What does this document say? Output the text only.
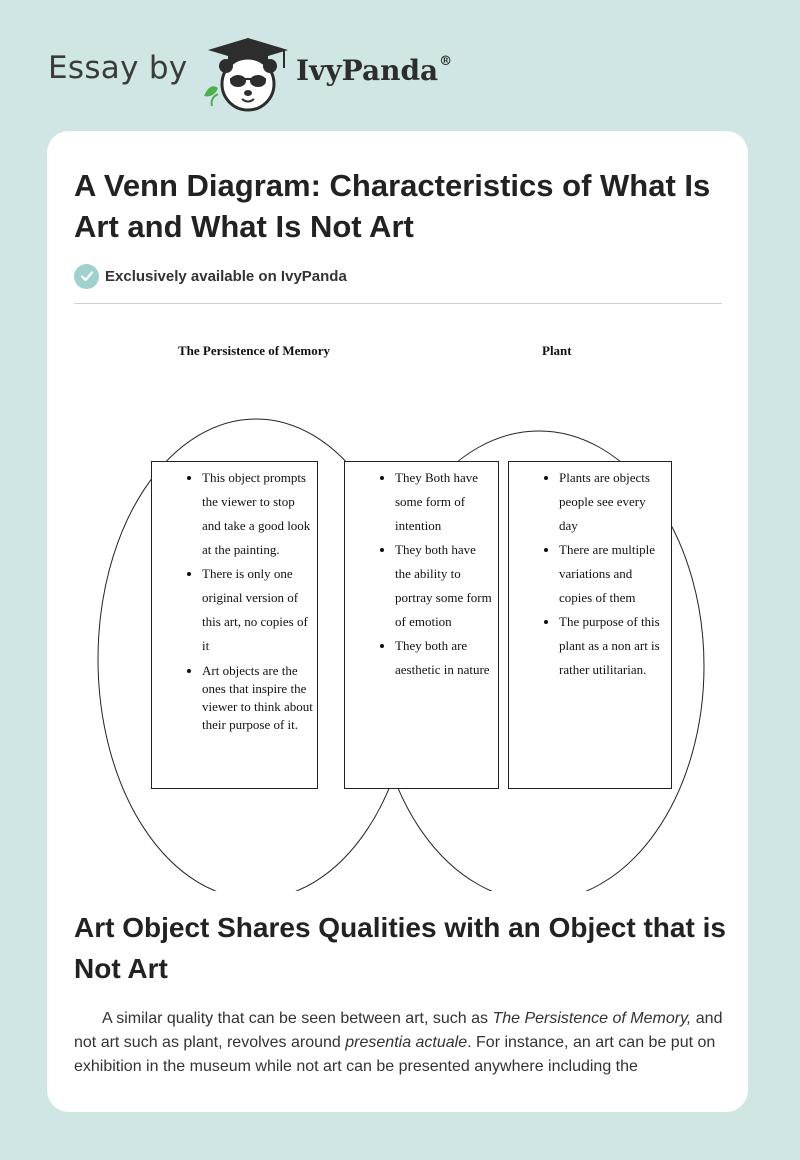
Essay by	IvyPanda®
A Venn Diagram: Characteristics of What Is Art and What Is Not Art
Exclusively available on IvyPanda
The Persistence of Memory	Plant
• This object prompts the viewer to stop and take a good look at the painting.
• There is only one original version of this art, no copies of it
• Art objects are the ones that inspire the viewer to think about their purpose of it.
• They Both have some form of intention
• They both have the ability to portray some form of emotion
• They both are aesthetic in nature
• Plants are objects people see every day
• There are multiple variations and copies of them
• The purpose of this plant as a non art is rather utilitarian.
Art Object Shares Qualities with an Object that is Not Art

A similar quality that can be seen between art, such as The Persistence of Memory, and not art such as plant, revolves around presentia actuale. For instance, an art can be put on exhibition in the museum while not art can be presented anywhere including the
